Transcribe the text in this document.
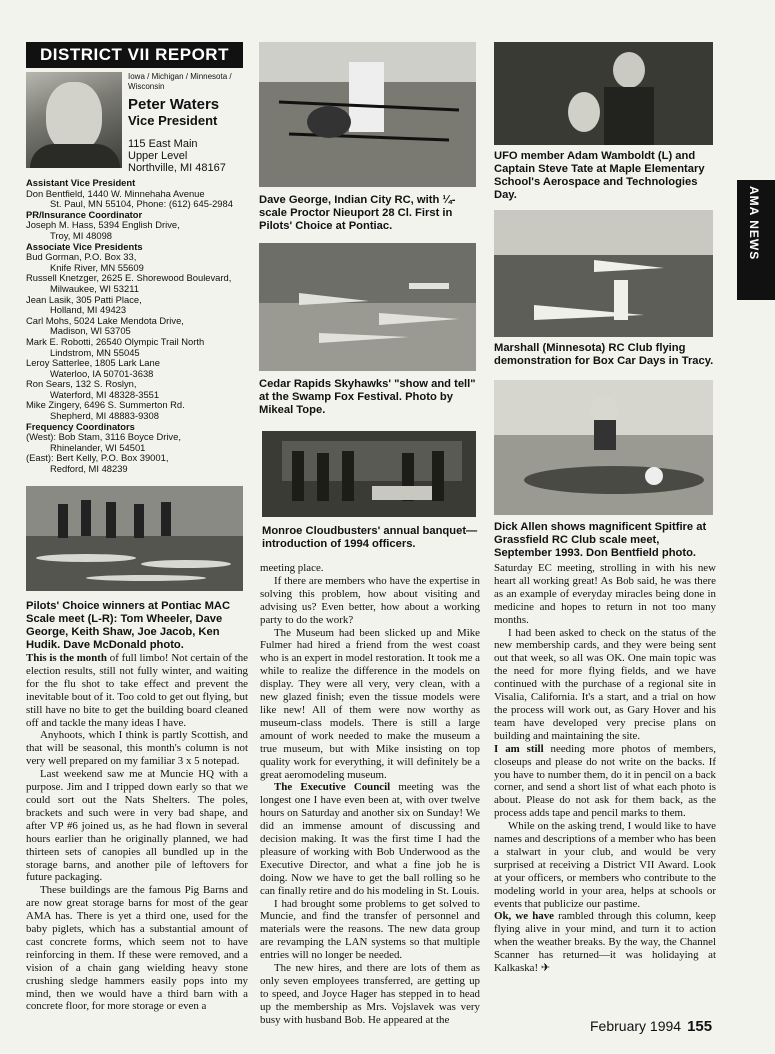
DISTRICT VII REPORT
Iowa / Michigan / Minnesota / Wisconsin
Peter Waters
Vice President
115 East Main
Upper Level
Northville, MI 48167
Assistant Vice President
Don Bentfield, 1440 W. Minnehaha Avenue
St. Paul, MN 55104, Phone: (612) 645-2984
PR/Insurance Coordinator
Joseph M. Hass, 5394 English Drive,
Troy, MI 48098
Associate Vice Presidents
Bud Gorman, P.O. Box 33,
Knife River, MN 55609
Russell Knetzger, 2625 E. Shorewood Boulevard,
Milwaukee, WI 53211
Jean Lasik, 305 Patti Place,
Holland, MI 49423
Carl Mohs, 5024 Lake Mendota Drive,
Madison, WI 53705
Mark E. Robotti, 26540 Olympic Trail North
Lindstrom, MN 55045
Leroy Satterlee, 1805 Lark Lane
Waterloo, IA 50701-3638
Ron Sears, 132 S. Roslyn,
Waterford, MI 48328-3551
Mike Zingery, 6496 S. Summerton Rd.
Shepherd, MI 48883-9308
Frequency Coordinators
(West): Bob Stam, 3116 Boyce Drive,
Rhinelander, WI 54501
(East): Bert Kelly, P.O. Box 39001,
Redford, MI 48239
Pilots' Choice winners at Pontiac MAC Scale meet (L-R): Tom Wheeler, Dave George, Keith Shaw, Joe Jacob, Ken Hudik. Dave McDonald photo.

This is the month of full limbo! Not certain of the election results, still not fully winter, and waiting for the flu shot to take effect and prevent the inevitable bout of it. Too cold to get out flying, but still have no bite to get the building board cleaned off and tackle the many ideas I have.

Anyhoots, which I think is partly Scottish, and that will be seasonal, this month's column is not very well prepared on my familiar 3 x 5 notepad.

Last weekend saw me at Muncie HQ with a purpose. Jim and I tripped down early so that we could sort out the Nats Shelters. The poles, brackets and such were in very bad shape, and after VP #6 joined us, as he had flown in several hours earlier than he originally planned, we had thirteen sets of canopies all bundled up in the storage barns, and another pile of leftovers for future packaging.

These buildings are the famous Pig Barns and are now great storage barns for most of the gear AMA has. There is yet a third one, used for the baby piglets, which has a substantial amount of cast concrete forms, which seem not to have reinforcing in them. If these were removed, and a vision of a chain gang wielding heavy stone crushing sledge hammers easily pops into my mind, then we would have a third barn with a concrete floor, for more storage or even a

Dave George, Indian City RC, with ¼-scale Proctor Nieuport 28 Cl. First in Pilots' Choice at Pontiac.
Cedar Rapids Skyhawks' "show and tell" at the Swamp Fox Festival. Photo by Mikeal Tope.
Monroe Cloudbusters' annual banquet—introduction of 1994 officers.

meeting place.

If there are members who have the expertise in solving this problem, how about visiting and advising us? Even better, how about a working party to do the work?

The Museum had been slicked up and Mike Fulmer had hired a friend from the west coast who is an expert in model restoration. It took me a while to realize the difference in the models on display. They were all very, very clean, with a new glazed finish; even the tissue models were like new! All of them were now worthy as museum-class models. There is still a large amount of work needed to make the museum a true museum, but with Mike insisting on top quality work for everything, it will definitely be a great aeromodeling museum.

The Executive Council meeting was the longest one I have even been at, with over twelve hours on Saturday and another six on Sunday! We did an immense amount of discussing and decision making. It was the first time I had the pleasure of working with Bob Underwood as the Executive Director, and what a fine job he is doing. Now we have to get the ball rolling so he can finally retire and do his modeling in St. Louis.

I had brought some problems to get solved to Muncie, and find the transfer of personnel and materials were the reasons. The new data group are revamping the LAN systems so that multiple entries will no longer be needed.

The new hires, and there are lots of them as only seven employees transferred, are getting up to speed, and Joyce Hager has stepped in to head up the membership as Mrs. Vojslavek was very busy with husband Bob. He appeared at the

UFO member Adam Wamboldt (L) and Captain Steve Tate at Maple Elementary School's Aerospace and Technologies Day.
Marshall (Minnesota) RC Club flying demonstration for Box Car Days in Tracy.
Dick Allen shows magnificent Spitfire at Grassfield RC Club scale meet, September 1993. Don Bentfield photo.

Saturday EC meeting, strolling in with his new heart all working great! As Bob said, he was there as an example of everyday miracles being done in medicine and hopes to return in not too many months.

I had been asked to check on the status of the new membership cards, and they were being sent out that week, so all was OK. One main topic was the need for more flying fields, and we have continued with the purchase of a regional site in Visalia, California. It's a start, and a trial on how the process will work out, as Gary Hover and his team have developed very precise plans on building and maintaining the site.

I am still needing more photos of members, closeups and please do not write on the backs. If you have to number them, do it in pencil on a back corner, and send a short list of what each photo is about. Please do not ask for them back, as the process adds tape and pencil marks to them.

While on the asking trend, I would like to have names and descriptions of a member who has been a stalwart in your club, and would be very surprised at receiving a District VII Award. Look at your officers, or members who contribute to the modeling world in your area, helps at schools or events that publicize our pastime.

Ok, we have rambled through this column, keep flying alive in your mind, and turn it to action when the weather breaks. By the way, the Channel Scanner has returned—it was holidaying at Kalkaska! ✈

AMA NEWS
February 1994 155
